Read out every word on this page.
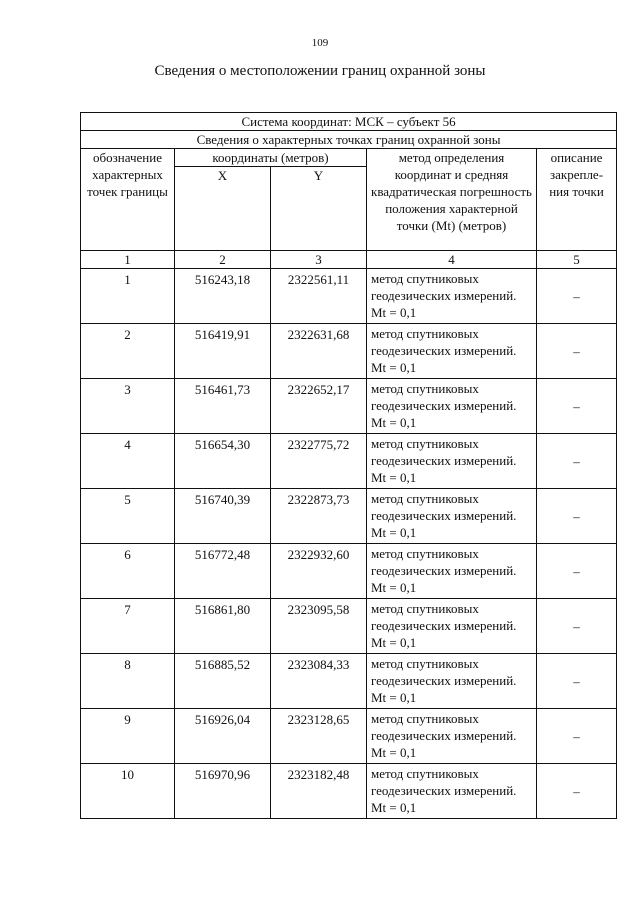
109
Сведения о местоположении границ охранной зоны
Система координат: МСК – субъект 56				
Сведения о характерных точках границ охранной зоны				
обозначение характерных точек границы	координаты (метров)		метод определения координат и средняя квадратическая погрешность положения характерной точки (Mt) (метров)	описание закрепле-ния точки
	X	Y		
1	2	3	4	5
1	516243,18	2322561,11	метод спутниковых геодезических измерений. Mt = 0,1	–
2	516419,91	2322631,68	метод спутниковых геодезических измерений. Mt = 0,1	–
3	516461,73	2322652,17	метод спутниковых геодезических измерений. Mt = 0,1	–
4	516654,30	2322775,72	метод спутниковых геодезических измерений. Mt = 0,1	–
5	516740,39	2322873,73	метод спутниковых геодезических измерений. Mt = 0,1	–
6	516772,48	2322932,60	метод спутниковых геодезических измерений. Mt = 0,1	–
7	516861,80	2323095,58	метод спутниковых геодезических измерений. Mt = 0,1	–
8	516885,52	2323084,33	метод спутниковых геодезических измерений. Mt = 0,1	–
9	516926,04	2323128,65	метод спутниковых геодезических измерений. Mt = 0,1	–
10	516970,96	2323182,48	метод спутниковых геодезических измерений. Mt = 0,1	–
